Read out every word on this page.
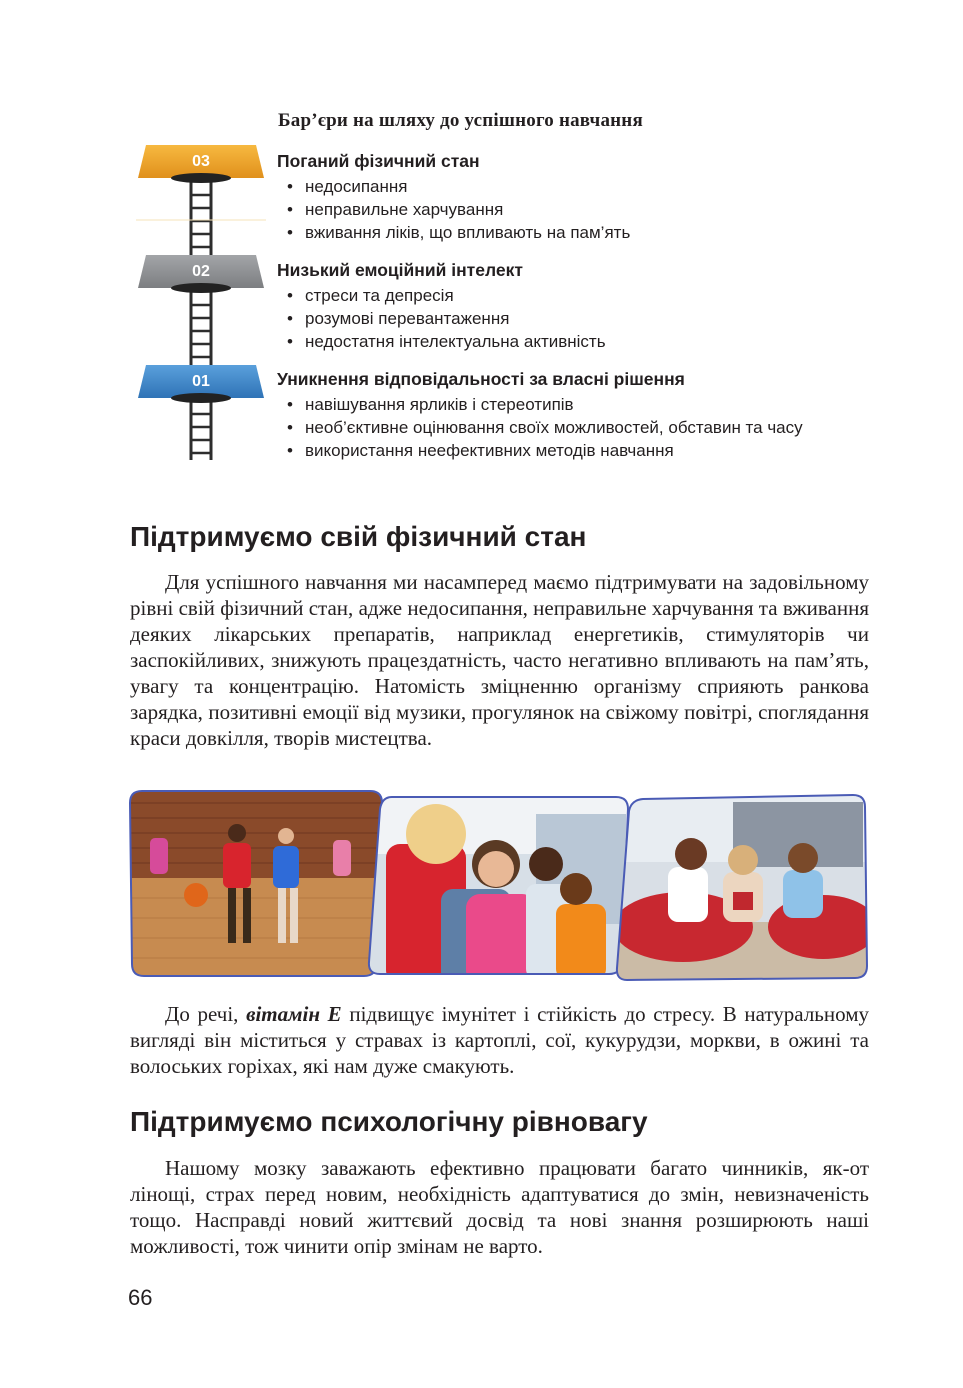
Бар’єри на шляху до успішного навчання
03
02
01
Поганий фізичний стан
• недосипання
• неправильне харчування
• вживання ліків, що впливають на пам’ять
Низький емоційний інтелект
• стреси та депресія
• розумові перевантаження
• недостатня інтелектуальна активність
Уникнення відповідальності за власні рішення
• навішування ярликів і стереотипів
• необ’єктивне оцінювання своїх можливостей, обставин та часу
• використання неефективних методів навчання
Підтримуємо свій фізичний стан

Для успішного навчання ми насамперед маємо підтримувати на задовільному рівні свій фізичний стан, адже недосипання, неправильне харчування та вживання деяких лікарських препаратів, наприклад енергетиків, стимуляторів чи заспокійливих, знижують працездатність, часто негативно впливають на пам’ять, увагу та концентрацію. Натомість зміцненню організму сприяють ранкова зарядка, позитивні емоції від музики, прогулянок на свіжому повітрі, споглядання краси довкілля, творів мистецтва.

До речі, вітамін Е підвищує імунітет і стійкість до стресу. В натуральному вигляді він міститься у стравах із картоплі, сої, кукурудзи, моркви, в ожині та волоських горіхах, які нам дуже смакують.

Підтримуємо психологічну рівновагу

Нашому мозку заважають ефективно працювати багато чинників, як-от лінощі, страх перед новим, необхідність адаптуватися до змін, невизначеність тощо. Насправді новий життєвий досвід та нові знання розширюють наші можливості, тож чинити опір змінам не варто.

66
